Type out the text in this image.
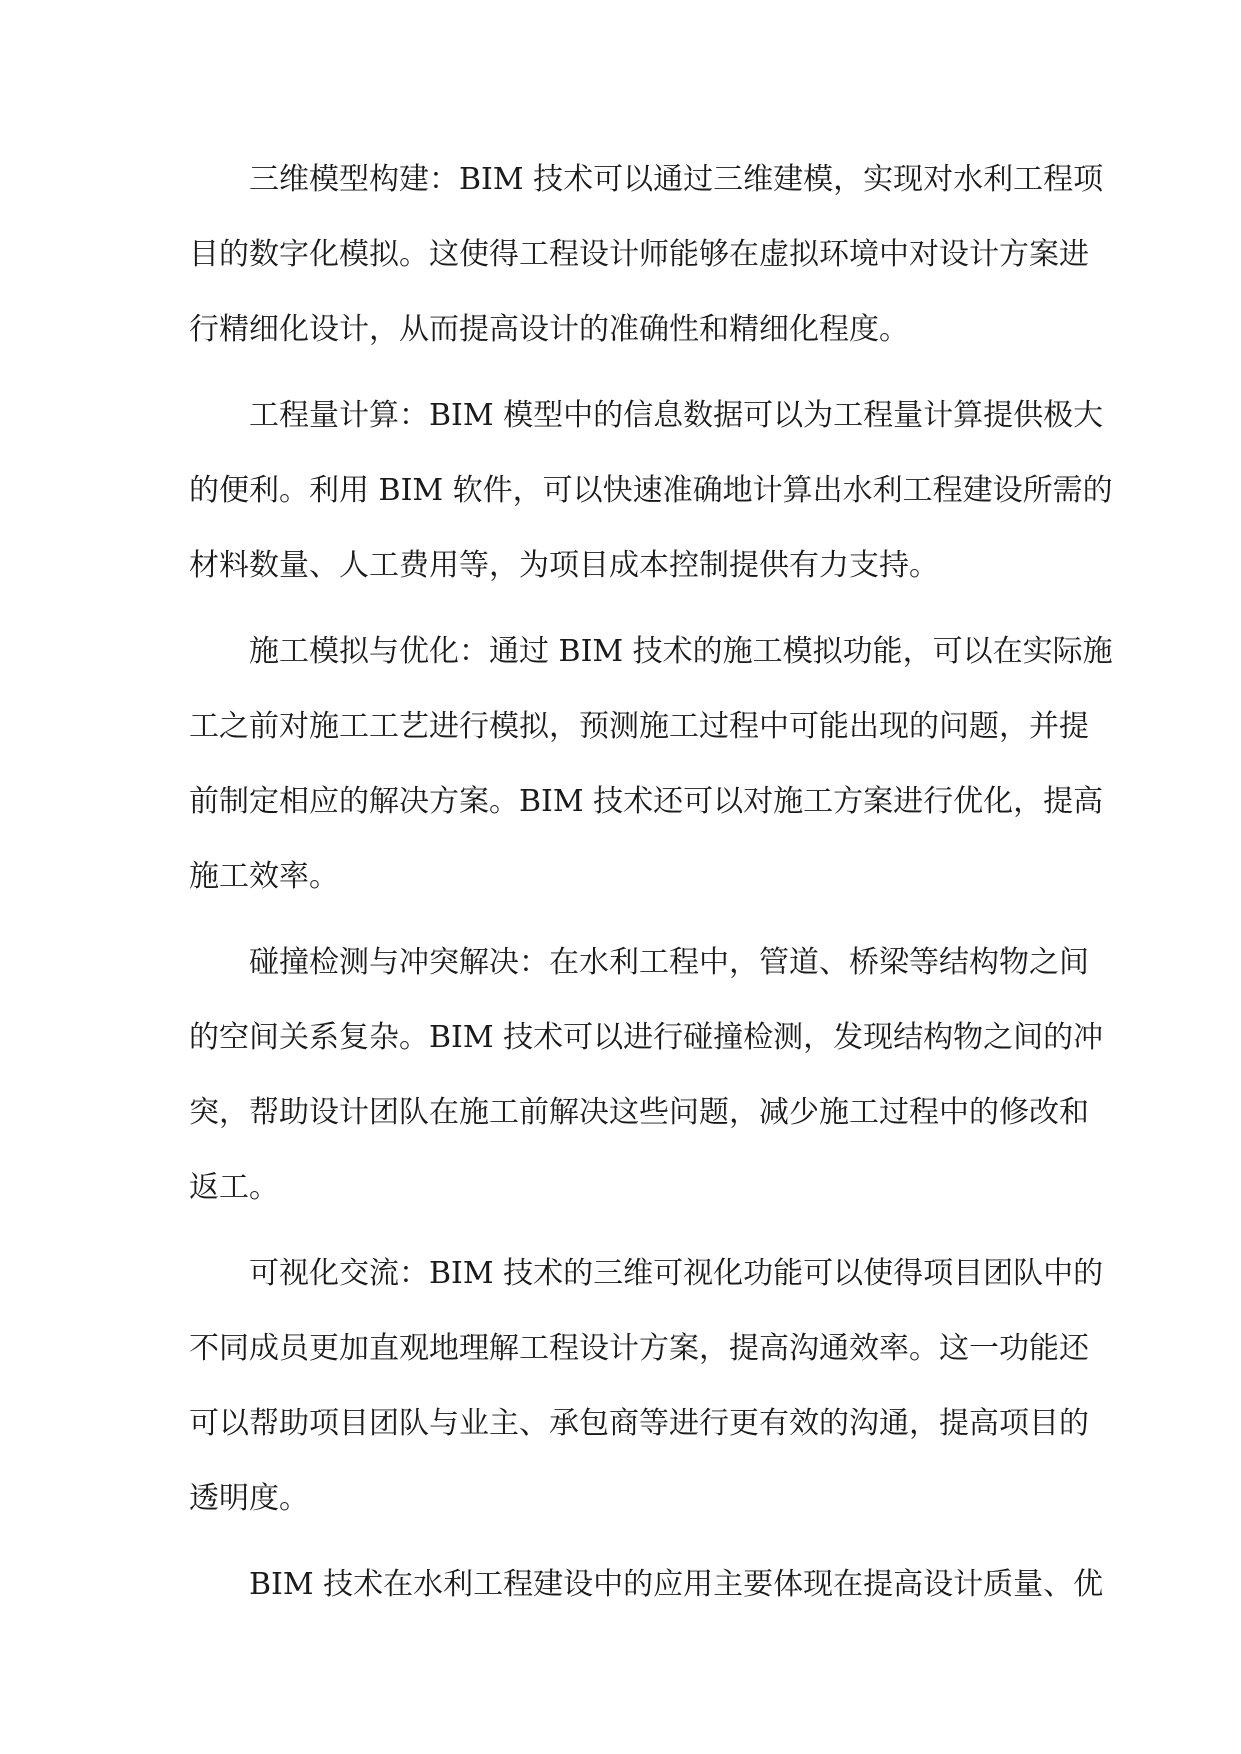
三维模型构建：BIM 技术可以通过三维建模，实现对水利工程项
目的数字化模拟。这使得工程设计师能够在虚拟环境中对设计方案进
行精细化设计，从而提高设计的准确性和精细化程度。

工程量计算：BIM 模型中的信息数据可以为工程量计算提供极大
的便利。利用 BIM 软件，可以快速准确地计算出水利工程建设所需的
材料数量、人工费用等，为项目成本控制提供有力支持。

施工模拟与优化：通过 BIM 技术的施工模拟功能，可以在实际施
工之前对施工工艺进行模拟，预测施工过程中可能出现的问题，并提
前制定相应的解决方案。BIM 技术还可以对施工方案进行优化，提高
施工效率。

碰撞检测与冲突解决：在水利工程中，管道、桥梁等结构物之间
的空间关系复杂。BIM 技术可以进行碰撞检测，发现结构物之间的冲
突，帮助设计团队在施工前解决这些问题，减少施工过程中的修改和
返工。

可视化交流：BIM 技术的三维可视化功能可以使得项目团队中的
不同成员更加直观地理解工程设计方案，提高沟通效率。这一功能还
可以帮助项目团队与业主、承包商等进行更有效的沟通，提高项目的
透明度。

BIM 技术在水利工程建设中的应用主要体现在提高设计质量、优
